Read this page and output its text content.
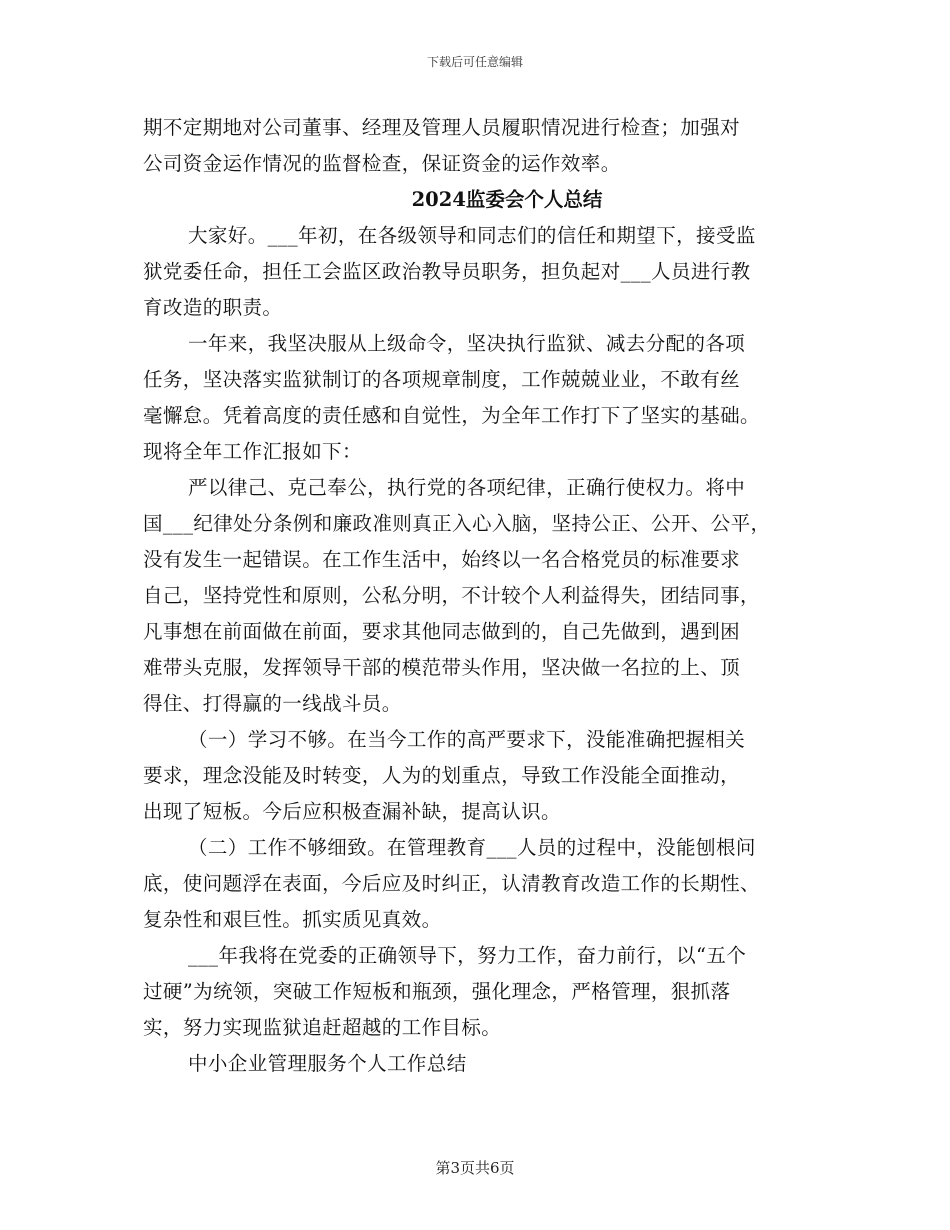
下载后可任意编辑
期不定期地对公司董事、经理及管理人员履职情况进行检查；加强对
公司资金运作情况的监督检查，保证资金的运作效率。
2024监委会个人总结
大家好。___年初，在各级领导和同志们的信任和期望下，接受监
狱党委任命，担任工会监区政治教导员职务，担负起对___人员进行教
育改造的职责。
一年来，我坚决服从上级命令，坚决执行监狱、减去分配的各项
任务，坚决落实监狱制订的各项规章制度，工作兢兢业业，不敢有丝
毫懈怠。凭着高度的责任感和自觉性，为全年工作打下了坚实的基础。
现将全年工作汇报如下：
严以律己、克己奉公，执行党的各项纪律，正确行使权力。将中
国___纪律处分条例和廉政准则真正入心入脑，坚持公正、公开、公平，
没有发生一起错误。在工作生活中，始终以一名合格党员的标准要求
自己，坚持党性和原则，公私分明，不计较个人利益得失，团结同事，
凡事想在前面做在前面，要求其他同志做到的，自己先做到，遇到困
难带头克服，发挥领导干部的模范带头作用，坚决做一名拉的上、顶
得住、打得赢的一线战斗员。
（一）学习不够。在当今工作的高严要求下，没能准确把握相关
要求，理念没能及时转变，人为的划重点，导致工作没能全面推动，
出现了短板。今后应积极查漏补缺，提高认识。
（二）工作不够细致。在管理教育___人员的过程中，没能刨根问
底，使问题浮在表面，今后应及时纠正，认清教育改造工作的长期性、
复杂性和艰巨性。抓实质见真效。
___年我将在党委的正确领导下，努力工作，奋力前行，以“五个
过硬”为统领，突破工作短板和瓶颈，强化理念，严格管理，狠抓落
实，努力实现监狱追赶超越的工作目标。
中小企业管理服务个人工作总结
第3页共6页
